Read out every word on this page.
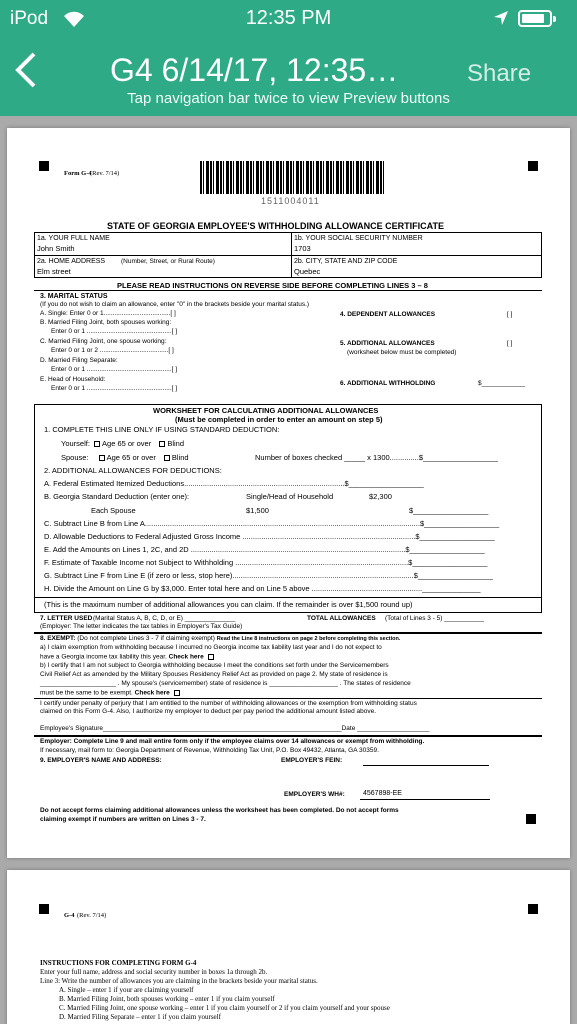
iPod	12:35 PM
G4 6/14/17, 12:35…	Share
Tap navigation bar twice to view Preview buttons
Form G-4
(Rev. 7/14)
1511004011
STATE OF GEORGIA EMPLOYEE'S WITHHOLDING ALLOWANCE CERTIFICATE
1a. YOUR FULL NAME
John Smith
1b. YOUR SOCIAL SECURITY NUMBER
1703
2a. HOME ADDRESS (Number, Street, or Rural Route)
Elm street
2b. CITY, STATE AND ZIP CODE
Quebec
PLEASE READ INSTRUCTIONS ON REVERSE SIDE BEFORE COMPLETING LINES 3 – 8
3. MARITAL STATUS
(If you do not wish to claim an allowance, enter "0" in the brackets beside your marital status.)
A. Single: Enter 0 or 1.....................................[ ]
B. Married Filing Joint, both spouses working:
Enter 0 or 1 ...............................................[ ]
C. Married Filing Joint, one spouse working:
Enter 0 or 1 or 2 ......................................[ ]
D. Married Filing Separate:
Enter 0 or 1 ...............................................[ ]
E. Head of Household:
Enter 0 or 1 ...............................................[ ]
4. DEPENDENT ALLOWANCES	[ ]
5. ADDITIONAL ALLOWANCES	[ ]
(worksheet below must be completed)
6. ADDITIONAL WITHHOLDING	$____________
WORKSHEET FOR CALCULATING ADDITIONAL ALLOWANCES
(Must be completed in order to enter an amount on step 5)
1. COMPLETE THIS LINE ONLY IF USING STANDARD DEDUCTION:
Yourself: Age 65 or over Blind
Spouse: Age 65 or over Blind	Number of boxes checked _____ x 1300..............$__________________
2. ADDITIONAL ALLOWANCES FOR DEDUCTIONS:
A. Federal Estimated Itemized Deductions.............................................................................$__________________
B. Georgia Standard Deduction (enter one):	Single/Head of Household	$2,300
Each Spouse	$1,500	$__________________
C. Subtract Line B from Line A....................................................................................................................................$__________________
D. Allowable Deductions to Federal Adjusted Gross Income ...................................................................................$__________________
E. Add the Amounts on Lines 1, 2C, and 2D .......................................................................................................$__________________
F. Estimate of Taxable Income not Subject to Withholding ...................................................................................$__________________
G. Subtract Line F from Line E (if zero or less, stop here).......................................................................................$__________________
H. Divide the Amount on Line G by $3,000. Enter total here and on Line 5 above .....................................................______________
(This is the maximum number of additional allowances you can claim. If the remainder is over $1,500 round up)
7. LETTER USED (Marital Status A, B, C, D, or E) ______________	TOTAL ALLOWANCES (Total of Lines 3 - 5) ___________
(Employer: The letter indicates the tax tables in Employer's Tax Guide)
8. EXEMPT: (Do not complete Lines 3 - 7 if claiming exempt) Read the Line 8 instructions on page 2 before completing this section.
a) I claim exemption from withholding because I incurred no Georgia income tax liability last year and I do not expect to
have a Georgia income tax liability this year. Check here
b) I certify that I am not subject to Georgia withholding because I meet the conditions set forth under the Servicemembers
Civil Relief Act as amended by the Military Spouses Residency Relief Act as provided on page 2. My state of residence is
_____________________ . My spouse's (servicemember) state of residence is ___________________ . The states of residence
must be the same to be exempt. Check here
I certify under penalty of perjury that I am entitled to the number of withholding allowances or the exemption from withholding status
claimed on this Form G-4. Also, I authorize my employer to deduct per pay period the additional amount listed above.
Employee's Signature__________________________________________________________________Date ____________________
Employer: Complete Line 9 and mail entire form only if the employee claims over 14 allowances or exempt from withholding.
If necessary, mail form to: Georgia Department of Revenue, Withholding Tax Unit, P.O. Box 49432, Atlanta, GA 30359.
9. EMPLOYER'S NAME AND ADDRESS:	EMPLOYER'S FEIN:
EMPLOYER'S WH#:	4567898-EE
Do not accept forms claiming additional allowances unless the worksheet has been completed. Do not accept forms
claiming exempt if numbers are written on Lines 3 - 7.
G-4 (Rev. 7/14)
INSTRUCTIONS FOR COMPLETING FORM G-4
Enter your full name, address and social security number in boxes 1a through 2b.
Line 3: Write the number of allowances you are claiming in the brackets beside your marital status.
A. Single – enter 1 if your are claiming yourself
B. Married Filing Joint, both spouses working – enter 1 if you claim yourself
C. Married Filing Joint, one spouse working – enter 1 if you claim yourself or 2 if you claim yourself and your spouse
D. Married Filing Separate – enter 1 if you claim yourself
